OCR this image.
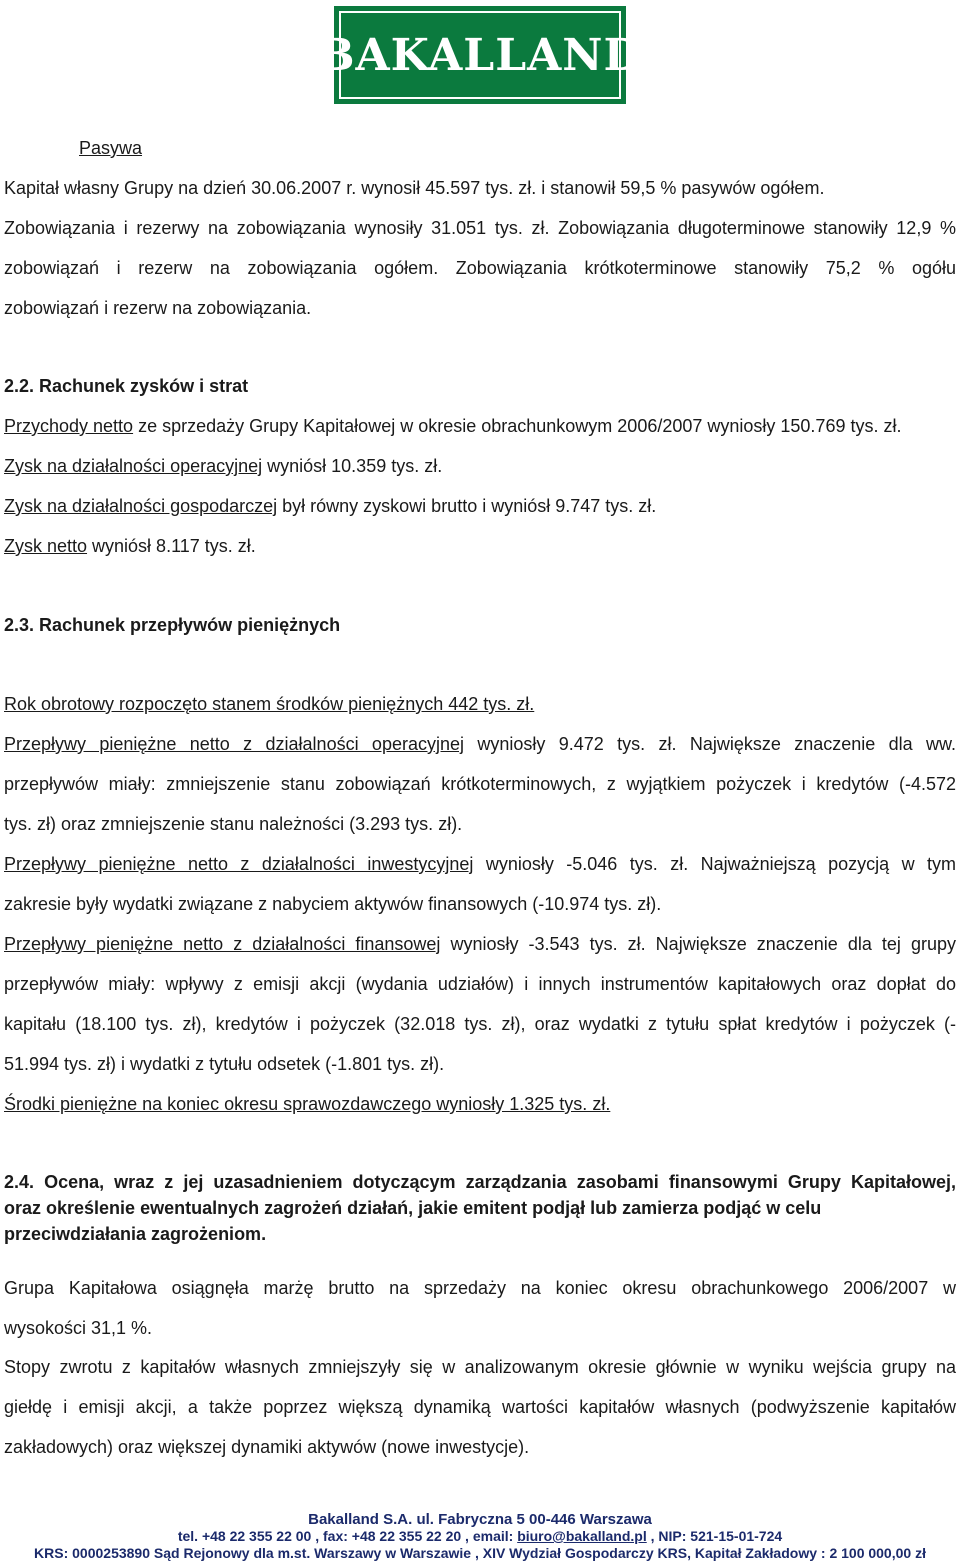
BAKALLAND
Pasywa
Kapitał własny Grupy na dzień 30.06.2007 r. wynosił 45.597 tys. zł. i stanowił 59,5 % pasywów ogółem.
Zobowiązania i rezerwy na zobowiązania wynosiły 31.051 tys. zł. Zobowiązania długoterminowe stanowiły 12,9 %
zobowiązań i rezerw na zobowiązania ogółem. Zobowiązania krótkoterminowe stanowiły 75,2 % ogółu
zobowiązań i rezerw na zobowiązania.
2.2. Rachunek zysków i strat
Przychody netto ze sprzedaży Grupy Kapitałowej w okresie obrachunkowym 2006/2007 wyniosły 150.769 tys. zł.
Zysk na działalności operacyjnej wyniósł 10.359 tys. zł.
Zysk na działalności gospodarczej był równy zyskowi brutto i wyniósł 9.747 tys. zł.
Zysk netto wyniósł 8.117 tys. zł.
2.3. Rachunek przepływów pieniężnych
Rok obrotowy rozpoczęto stanem środków pieniężnych 442 tys. zł.
Przepływy pieniężne netto z działalności operacyjnej wyniosły 9.472 tys. zł. Największe znaczenie dla ww.
przepływów miały: zmniejszenie stanu zobowiązań krótkoterminowych, z wyjątkiem pożyczek i kredytów (-4.572
tys. zł) oraz zmniejszenie stanu należności (3.293 tys. zł).
Przepływy pieniężne netto z działalności inwestycyjnej wyniosły -5.046 tys. zł. Najważniejszą pozycją w tym
zakresie były wydatki związane z nabyciem aktywów finansowych (-10.974 tys. zł).
Przepływy pieniężne netto z działalności finansowej wyniosły -3.543 tys. zł. Największe znaczenie dla tej grupy
przepływów miały: wpływy z emisji akcji (wydania udziałów) i innych instrumentów kapitałowych oraz dopłat do
kapitału (18.100 tys. zł), kredytów i pożyczek (32.018 tys. zł), oraz wydatki z tytułu spłat kredytów i pożyczek (-
51.994 tys. zł) i wydatki z tytułu odsetek (-1.801 tys. zł).
Środki pieniężne na koniec okresu sprawozdawczego wyniosły 1.325 tys. zł.
2.4. Ocena, wraz z jej uzasadnieniem dotyczącym zarządzania zasobami finansowymi Grupy Kapitałowej,
oraz określenie ewentualnych zagrożeń działań, jakie emitent podjął lub zamierza podjąć w celu
przeciwdziałania zagrożeniom.
Grupa Kapitałowa osiągnęła marżę brutto na sprzedaży na koniec okresu obrachunkowego 2006/2007 w
wysokości 31,1 %.
Stopy zwrotu z kapitałów własnych zmniejszyły się w analizowanym okresie głównie w wyniku wejścia grupy na
giełdę i emisji akcji, a także poprzez większą dynamiką wartości kapitałów własnych (podwyższenie kapitałów
zakładowych) oraz większej dynamiki aktywów (nowe inwestycje).
Bakalland S.A. ul. Fabryczna 5 00-446 Warszawa
tel. +48 22 355 22 00 , fax: +48 22 355 22 20 , email: biuro@bakalland.pl , NIP: 521-15-01-724
KRS: 0000253890 Sąd Rejonowy dla m.st. Warszawy w Warszawie , XIV Wydział Gospodarczy KRS, Kapitał Zakładowy : 2 100 000,00 zł
